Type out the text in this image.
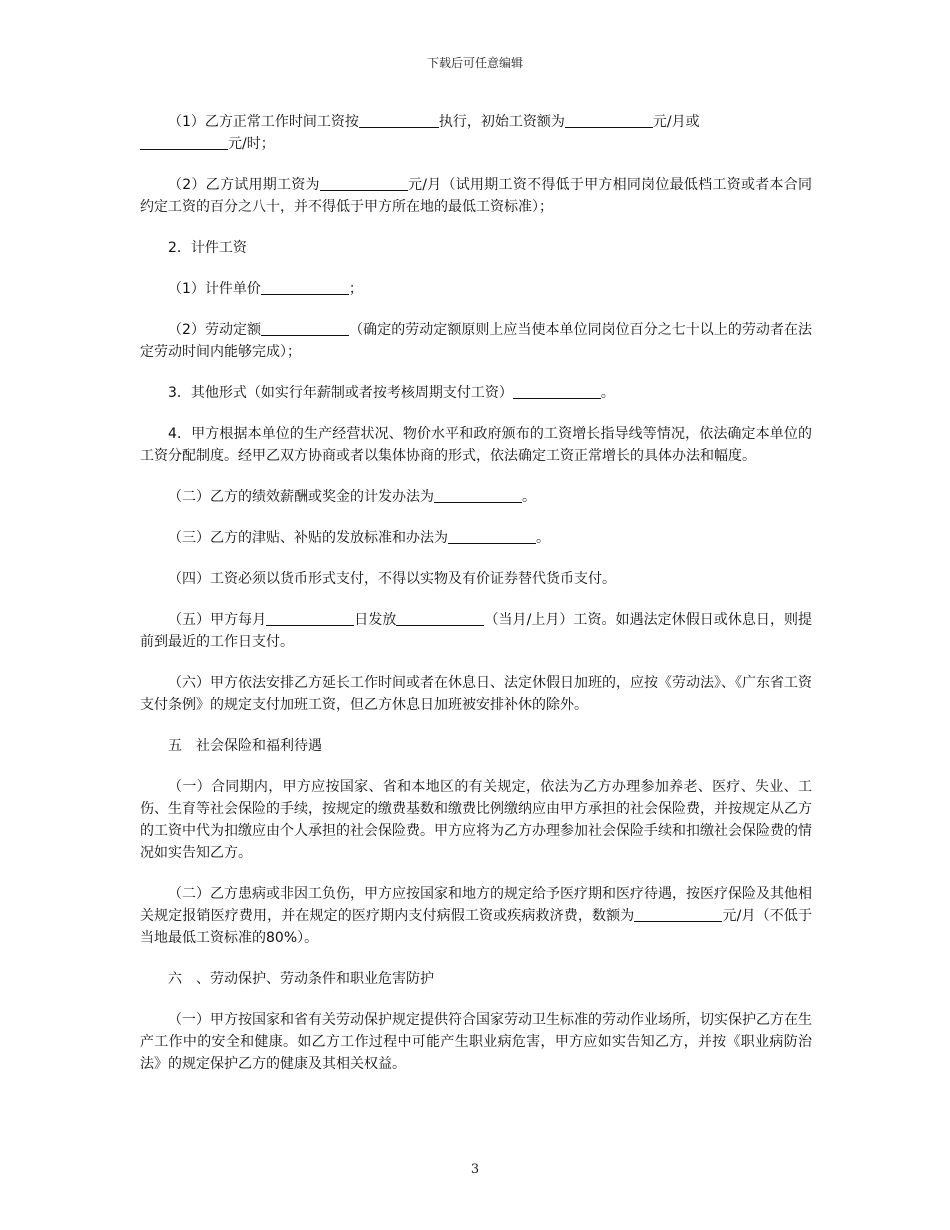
下载后可任意编辑

（1）乙方正常工作时间工资按	执行，初始工资额为	元/月或
元/时；

（2）乙方试用期工资为	元/月（试用期工资不得低于甲方相同岗位最低档工资或者本合同约定工资的百分之八十，并不得低于甲方所在地的最低工资标准）；

2．计件工资

（1）计件单价	；

（2）劳动定额	（确定的劳动定额原则上应当使本单位同岗位百分之七十以上的劳动者在法定劳动时间内能够完成）；

3．其他形式（如实行年薪制或者按考核周期支付工资）	。

4．甲方根据本单位的生产经营状况、物价水平和政府颁布的工资增长指导线等情况，依法确定本单位的工资分配制度。经甲乙双方协商或者以集体协商的形式，依法确定工资正常增长的具体办法和幅度。

（二）乙方的绩效薪酬或奖金的计发办法为	。

（三）乙方的津贴、补贴的发放标准和办法为	。

（四）工资必须以货币形式支付，不得以实物及有价证券替代货币支付。

（五）甲方每月	日发放	（当月/上月）工资。如遇法定休假日或休息日，则提前到最近的工作日支付。

（六）甲方依法安排乙方延长工作时间或者在休息日、法定休假日加班的，应按《劳动法》、《广东省工资支付条例》的规定支付加班工资，但乙方休息日加班被安排补休的除外。

五　社会保险和福利待遇

（一）合同期内，甲方应按国家、省和本地区的有关规定，依法为乙方办理参加养老、医疗、失业、工伤、生育等社会保险的手续，按规定的缴费基数和缴费比例缴纳应由甲方承担的社会保险费，并按规定从乙方的工资中代为扣缴应由个人承担的社会保险费。甲方应将为乙方办理参加社会保险手续和扣缴社会保险费的情况如实告知乙方。

（二）乙方患病或非因工负伤，甲方应按国家和地方的规定给予医疗期和医疗待遇，按医疗保险及其他相关规定报销医疗费用，并在规定的医疗期内支付病假工资或疾病救济费，数额为	元/月（不低于当地最低工资标准的80%）。

六　、劳动保护、劳动条件和职业危害防护

（一）甲方按国家和省有关劳动保护规定提供符合国家劳动卫生标准的劳动作业场所，切实保护乙方在生产工作中的安全和健康。如乙方工作过程中可能产生职业病危害，甲方应如实告知乙方，并按《职业病防治法》的规定保护乙方的健康及其相关权益。

3
